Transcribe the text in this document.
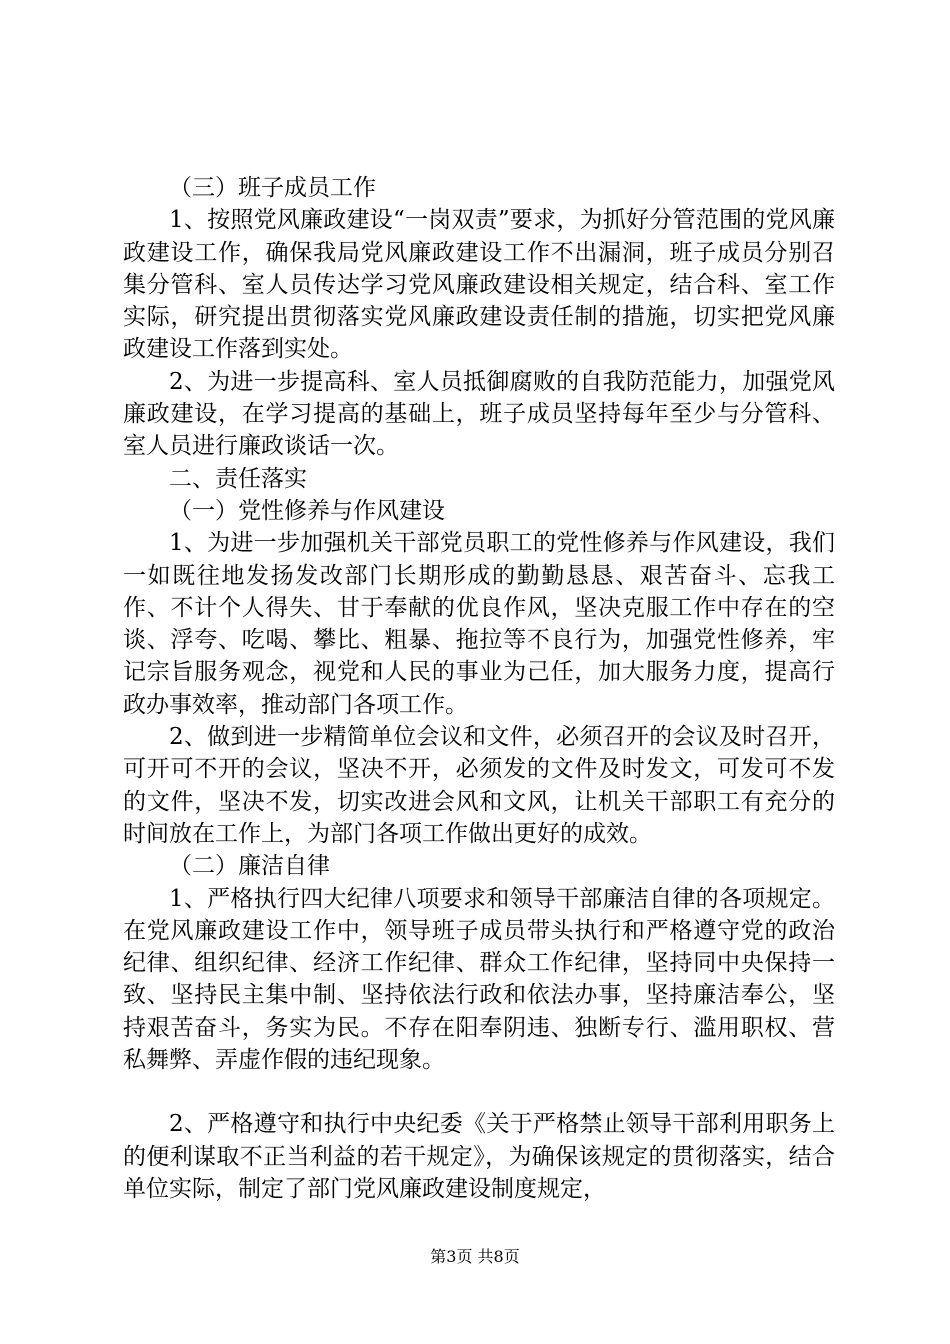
（三）班子成员工作

1、按照党风廉政建设“一岗双责”要求，为抓好分管范围的党风廉政建设工作，确保我局党风廉政建设工作不出漏洞，班子成员分别召集分管科、室人员传达学习党风廉政建设相关规定，结合科、室工作实际，研究提出贯彻落实党风廉政建设责任制的措施，切实把党风廉政建设工作落到实处。

2、为进一步提高科、室人员抵御腐败的自我防范能力，加强党风廉政建设，在学习提高的基础上，班子成员坚持每年至少与分管科、室人员进行廉政谈话一次。

二、责任落实

（一）党性修养与作风建设

1、为进一步加强机关干部党员职工的党性修养与作风建设，我们一如既往地发扬发改部门长期形成的勤勤恳恳、艰苦奋斗、忘我工作、不计个人得失、甘于奉献的优良作风，坚决克服工作中存在的空谈、浮夸、吃喝、攀比、粗暴、拖拉等不良行为，加强党性修养，牢记宗旨服务观念，视党和人民的事业为己任，加大服务力度，提高行政办事效率，推动部门各项工作。

2、做到进一步精简单位会议和文件，必须召开的会议及时召开，可开可不开的会议，坚决不开，必须发的文件及时发文，可发可不发的文件，坚决不发，切实改进会风和文风，让机关干部职工有充分的时间放在工作上，为部门各项工作做出更好的成效。

（二）廉洁自律

1、严格执行四大纪律八项要求和领导干部廉洁自律的各项规定。在党风廉政建设工作中，领导班子成员带头执行和严格遵守党的政治纪律、组织纪律、经济工作纪律、群众工作纪律，坚持同中央保持一致、坚持民主集中制、坚持依法行政和依法办事，坚持廉洁奉公，坚持艰苦奋斗，务实为民。不存在阳奉阴违、独断专行、滥用职权、营私舞弊、弄虚作假的违纪现象。

2、严格遵守和执行中央纪委《关于严格禁止领导干部利用职务上的便利谋取不正当利益的若干规定》，为确保该规定的贯彻落实，结合单位实际，制定了部门党风廉政建设制度规定，

第3页 共8页
